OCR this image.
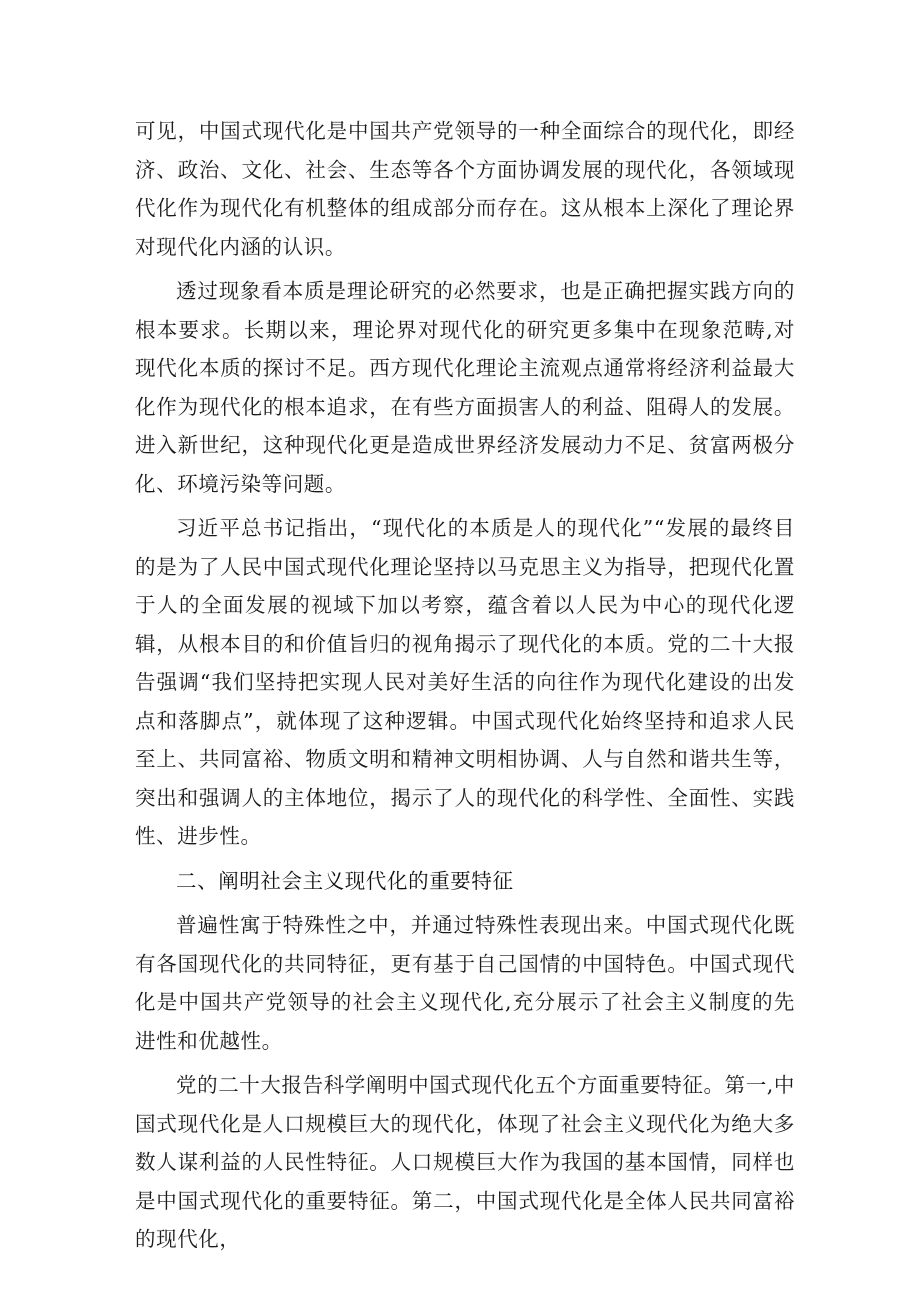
可见，中国式现代化是中国共产党领导的一种全面综合的现代化，即经济、政治、文化、社会、生态等各个方面协调发展的现代化，各领域现代化作为现代化有机整体的组成部分而存在。这从根本上深化了理论界对现代化内涵的认识。

透过现象看本质是理论研究的必然要求，也是正确把握实践方向的根本要求。长期以来，理论界对现代化的研究更多集中在现象范畴,对现代化本质的探讨不足。西方现代化理论主流观点通常将经济利益最大化作为现代化的根本追求，在有些方面损害人的利益、阻碍人的发展。进入新世纪，这种现代化更是造成世界经济发展动力不足、贫富两极分化、环境污染等问题。

习近平总书记指出，“现代化的本质是人的现代化”“发展的最终目的是为了人民中国式现代化理论坚持以马克思主义为指导，把现代化置于人的全面发展的视域下加以考察，蕴含着以人民为中心的现代化逻辑，从根本目的和价值旨归的视角揭示了现代化的本质。党的二十大报告强调“我们坚持把实现人民对美好生活的向往作为现代化建设的出发点和落脚点”，就体现了这种逻辑。中国式现代化始终坚持和追求人民至上、共同富裕、物质文明和精神文明相协调、人与自然和谐共生等，突出和强调人的主体地位，揭示了人的现代化的科学性、全面性、实践性、进步性。

二、阐明社会主义现代化的重要特征

普遍性寓于特殊性之中，并通过特殊性表现出来。中国式现代化既有各国现代化的共同特征，更有基于自己国情的中国特色。中国式现代化是中国共产党领导的社会主义现代化,充分展示了社会主义制度的先进性和优越性。

党的二十大报告科学阐明中国式现代化五个方面重要特征。第一,中国式现代化是人口规模巨大的现代化，体现了社会主义现代化为绝大多数人谋利益的人民性特征。人口规模巨大作为我国的基本国情，同样也是中国式现代化的重要特征。第二，中国式现代化是全体人民共同富裕的现代化，
